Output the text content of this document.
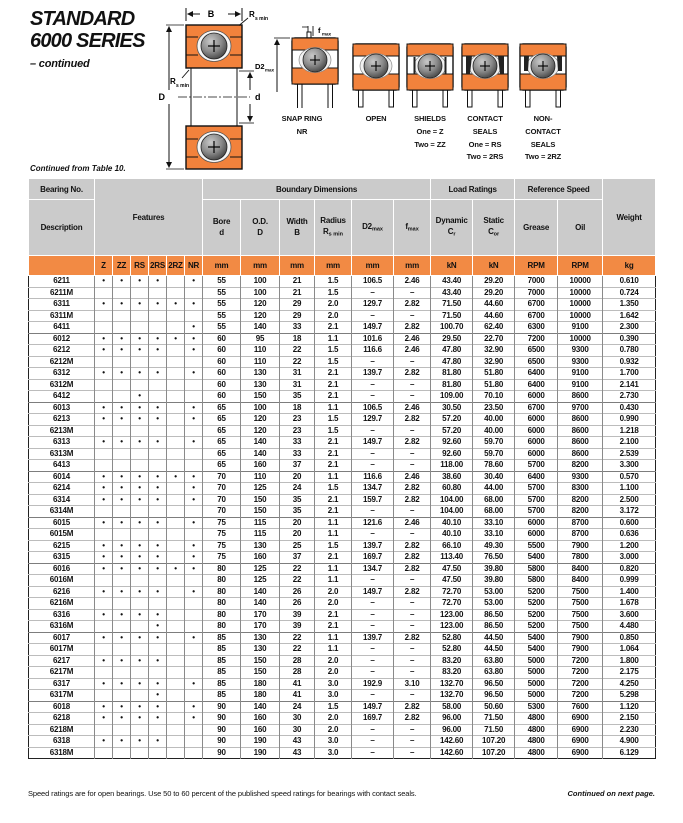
STANDARD
6000 SERIES
– continued
Continued from Table 10.
B
D	d
R s min
R s min
f max
D2 max
SNAP RING
NR
OPEN	SHIELDS
One = Z
Two = ZZ
CONTACT
SEALS
One = RS
Two = 2RS
NON-
CONTACT
SEALS
Two = 2RZ
Bearing No.	Features						Boundary Dimensions						Load Ratings		Reference Speed		Weight
Description							Bore
d	O.D.
D	Width
B	Radius
$R_{s min}$	$D2_{max}$	$f_{max}$	Dynamic
$C_r$	Static
$C_{or}$	Grease	Oil	
	Z	ZZ	RS	2RS	2RZ	NR	mm	mm	mm	mm	mm	mm	kN	kN	RPM	RPM	kg
6211	•	•	•	•		•	55	100	21	1.5	106.5	2.46	43.40	29.20	7000	10000	0.610
6211M							55	100	21	1.5	–	–	43.40	29.20	7000	10000	0.724
6311	•	•	•	•	•	•	55	120	29	2.0	129.7	2.82	71.50	44.60	6700	10000	1.350
6311M							55	120	29	2.0	–	–	71.50	44.60	6700	10000	1.642
6411						•	55	140	33	2.1	149.7	2.82	100.70	62.40	6300	9100	2.300
6012	•	•	•	•	•	•	60	95	18	1.1	101.6	2.46	29.50	22.70	7200	10000	0.390
6212	•	•	•	•		•	60	110	22	1.5	116.6	2.46	47.80	32.90	6500	9300	0.780
6212M							60	110	22	1.5	–	–	47.80	32.90	6500	9300	0.932
6312	•	•	•	•		•	60	130	31	2.1	139.7	2.82	81.80	51.80	6400	9100	1.700
6312M							60	130	31	2.1	–	–	81.80	51.80	6400	9100	2.141
6412			•				60	150	35	2.1	–	–	109.00	70.10	6000	8600	2.730
6013	•	•	•	•		•	65	100	18	1.1	106.5	2.46	30.50	23.50	6700	9700	0.430
6213	•	•	•	•		•	65	120	23	1.5	129.7	2.82	57.20	40.00	6000	8600	0.990
6213M							65	120	23	1.5	–	–	57.20	40.00	6000	8600	1.218
6313	•	•	•	•		•	65	140	33	2.1	149.7	2.82	92.60	59.70	6000	8600	2.100
6313M							65	140	33	2.1	–	–	92.60	59.70	6000	8600	2.539
6413							65	160	37	2.1	–	–	118.00	78.60	5700	8200	3.300
6014	•	•	•	•	•	•	70	110	20	1.1	116.6	2.46	38.60	30.40	6400	9300	0.570
6214	•	•	•	•		•	70	125	24	1.5	134.7	2.82	60.80	44.00	5700	8300	1.100
6314	•	•	•	•		•	70	150	35	2.1	159.7	2.82	104.00	68.00	5700	8200	2.500
6314M							70	150	35	2.1	–	–	104.00	68.00	5700	8200	3.172
6015	•	•	•	•		•	75	115	20	1.1	121.6	2.46	40.10	33.10	6000	8700	0.600
6015M							75	115	20	1.1	–	–	40.10	33.10	6000	8700	0.636
6215	•	•	•	•		•	75	130	25	1.5	139.7	2.82	66.10	49.30	5500	7900	1.200
6315	•	•	•	•		•	75	160	37	2.1	169.7	2.82	113.40	76.50	5400	7800	3.000
6016	•	•	•	•	•	•	80	125	22	1.1	134.7	2.82	47.50	39.80	5800	8400	0.820
6016M							80	125	22	1.1	–	–	47.50	39.80	5800	8400	0.999
6216	•	•	•	•		•	80	140	26	2.0	149.7	2.82	72.70	53.00	5200	7500	1.400
6216M							80	140	26	2.0	–	–	72.70	53.00	5200	7500	1.678
6316	•	•	•	•			80	170	39	2.1	–	–	123.00	86.50	5200	7500	3.600
6316M				•			80	170	39	2.1	–	–	123.00	86.50	5200	7500	4.480
6017	•	•	•	•		•	85	130	22	1.1	139.7	2.82	52.80	44.50	5400	7900	0.850
6017M							85	130	22	1.1	–	–	52.80	44.50	5400	7900	1.064
6217	•	•	•	•			85	150	28	2.0	–	–	83.20	63.80	5000	7200	1.800
6217M							85	150	28	2.0	–	–	83.20	63.80	5000	7200	2.175
6317	•	•	•	•		•	85	180	41	3.0	192.9	3.10	132.70	96.50	5000	7200	4.250
6317M				•			85	180	41	3.0	–	–	132.70	96.50	5000	7200	5.298
6018	•	•	•	•		•	90	140	24	1.5	149.7	2.82	58.00	50.60	5300	7600	1.120
6218	•	•	•	•		•	90	160	30	2.0	169.7	2.82	96.00	71.50	4800	6900	2.150
6218M							90	160	30	2.0	–	–	96.00	71.50	4800	6900	2.230
6318	•	•	•	•			90	190	43	3.0	–	–	142.60	107.20	4800	6900	4.900
6318M							90	190	43	3.0	–	–	142.60	107.20	4800	6900	6.129
Speed ratings are for open bearings. Use 50 to 60 percent of the published speed ratings for bearings with contact seals.	Continued on next page.
